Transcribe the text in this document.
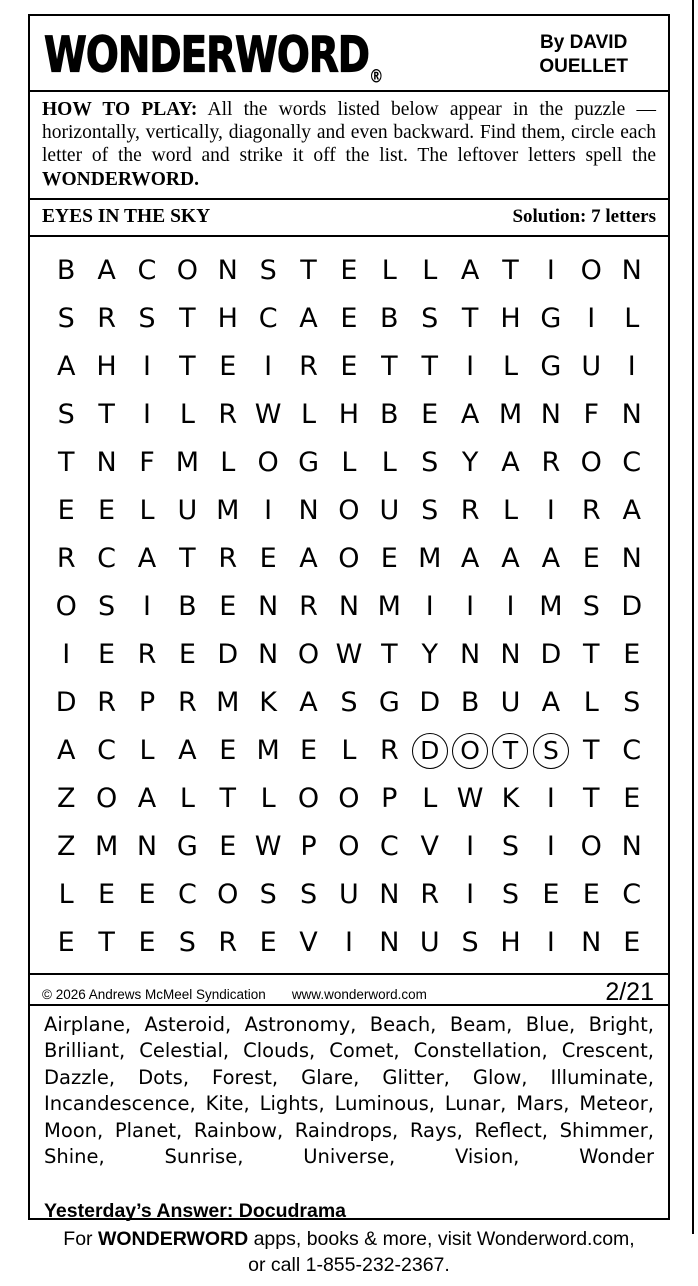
$WONDERWORD_®$
By DAVID
OUELLET
HOW TO PLAY: All the words listed below appear in the puzzle — horizontally, vertically, diagonally and even backward. Find them, circle each letter of the word and strike it off the list. The leftover letters spell the WONDERWORD.
EYES IN THE SKY	Solution: 7 letters
B	A	C	O	N	S	T	E	L	L	A	T	I	O	N
S	R	S	T	H	C	A	E	B	S	T	H	G	I	L
A	H	I	T	E	I	R	E	T	T	I	L	G	U	I
S	T	I	L	R	W	L	H	B	E	A	M	N	F	N
T	N	F	M	L	O	G	L	L	S	Y	A	R	O	C
E	E	L	U	M	I	N	O	U	S	R	L	I	R	A
R	C	A	T	R	E	A	O	E	M	A	A	A	E	N
O	S	I	B	E	N	R	N	M	I	I	I	M	S	D
I	E	R	E	D	N	O	W	T	Y	N	N	D	T	E
D	R	P	R	M	K	A	S	G	D	B	U	A	L	S
A	C	L	A	E	M	E	L	R	D	O	T	S	T	C
Z	O	A	L	T	L	O	O	P	L	W	K	I	T	E
Z	M	N	G	E	W	P	O	C	V	I	S	I	O	N
L	E	E	C	O	S	S	U	N	R	I	S	E	E	C
E	T	E	S	R	E	V	I	N	U	S	H	I	N	E
© 2026 Andrews McMeel Syndication www.wonderword.com	2/21
Airplane, Asteroid, Astronomy, Beach, Beam, Blue, Bright, Brilliant, Celestial, Clouds, Comet, Constellation, Crescent, Dazzle, Dots, Forest, Glare, Glitter, Glow, Illuminate, Incandescence, Kite, Lights, Luminous, Lunar, Mars, Meteor, Moon, Planet, Rainbow, Raindrops, Rays, Reflect, Shimmer, Shine, Sunrise, Universe, Vision, Wonder
Yesterday’s Answer: Docudrama
For WONDERWORD apps, books & more, visit Wonderword.com,
or call 1-855-232-2367.
